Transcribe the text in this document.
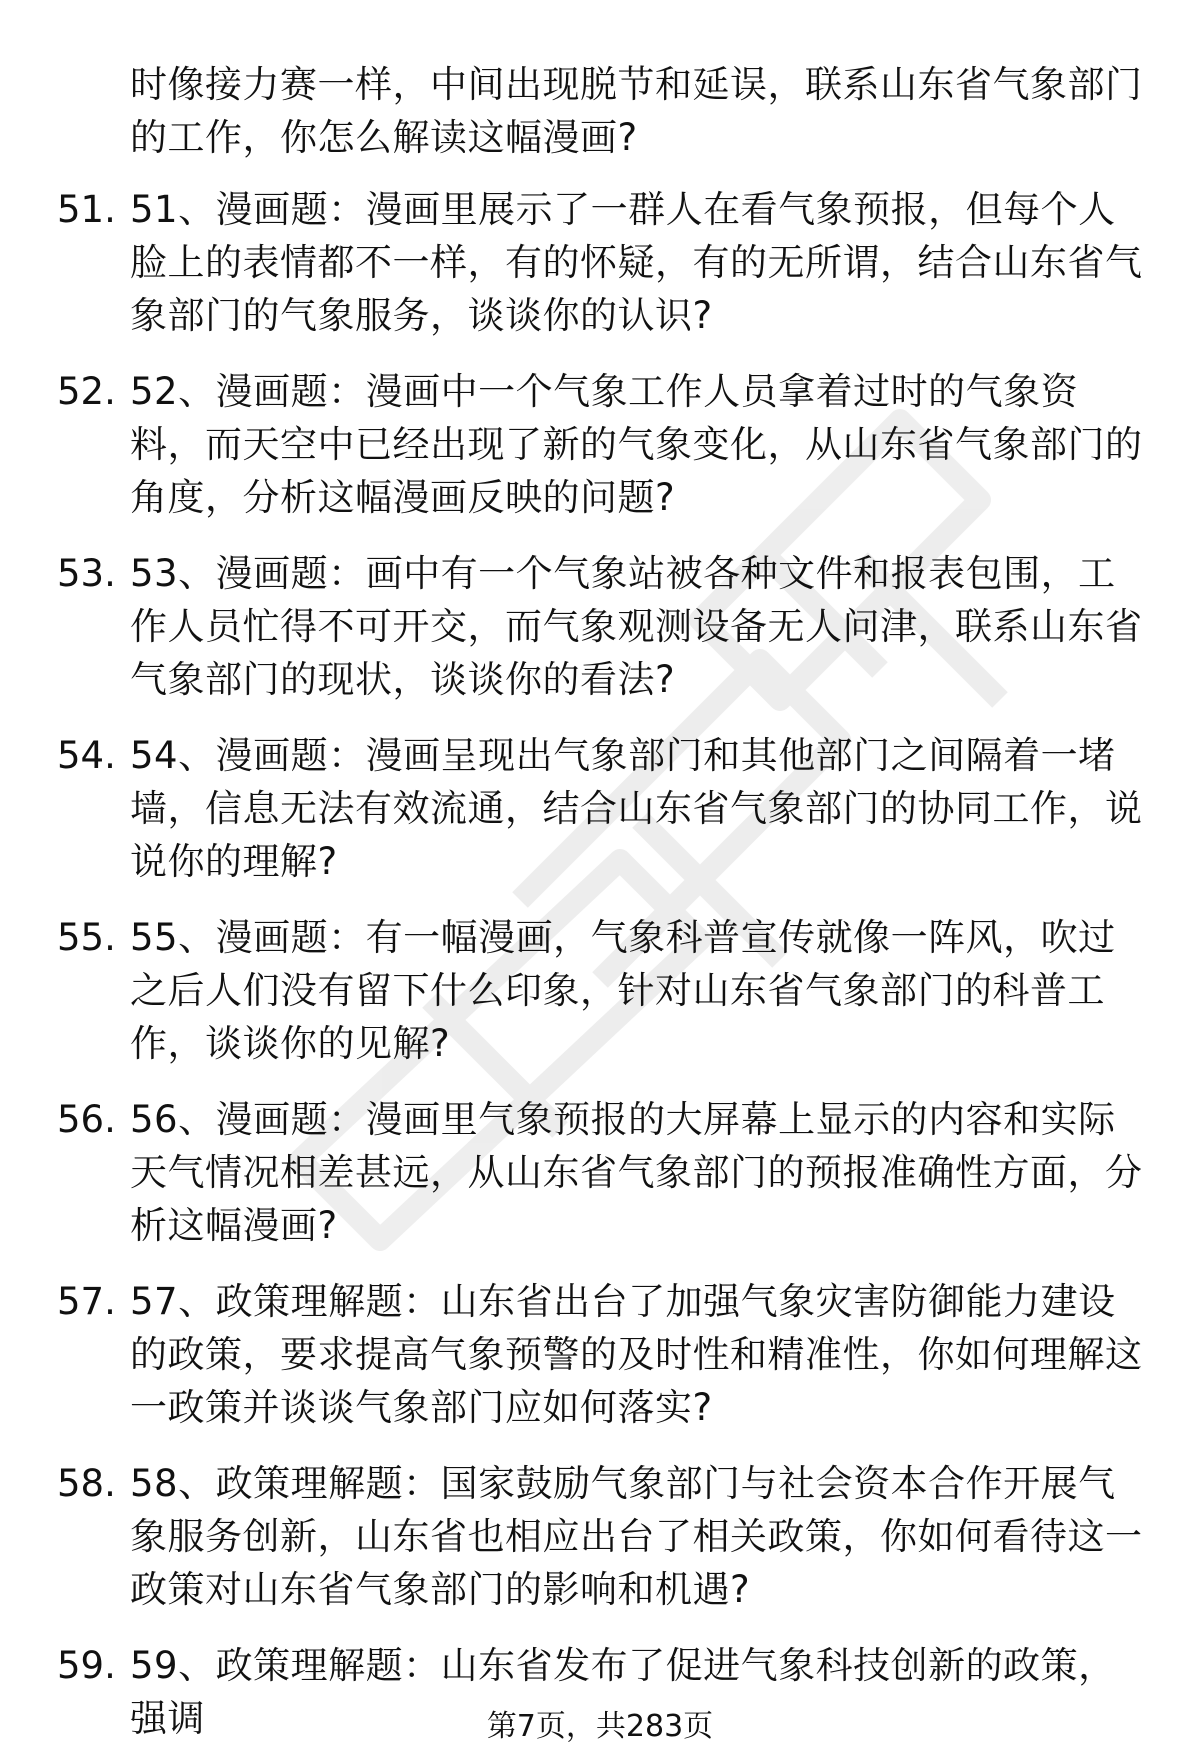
时像接力赛一样，中间出现脱节和延误，联系山东省气象部门的工作，你怎么解读这幅漫画?
51. 51、漫画题：漫画里展示了一群人在看气象预报，但每个人脸上的表情都不一样，有的怀疑，有的无所谓，结合山东省气象部门的气象服务，谈谈你的认识?
52. 52、漫画题：漫画中一个气象工作人员拿着过时的气象资料，而天空中已经出现了新的气象变化，从山东省气象部门的角度，分析这幅漫画反映的问题?
53. 53、漫画题：画中有一个气象站被各种文件和报表包围，工作人员忙得不可开交，而气象观测设备无人问津，联系山东省气象部门的现状，谈谈你的看法?
54. 54、漫画题：漫画呈现出气象部门和其他部门之间隔着一堵墙，信息无法有效流通，结合山东省气象部门的协同工作，说说你的理解?
55. 55、漫画题：有一幅漫画，气象科普宣传就像一阵风，吹过之后人们没有留下什么印象，针对山东省气象部门的科普工作，谈谈你的见解?
56. 56、漫画题：漫画里气象预报的大屏幕上显示的内容和实际天气情况相差甚远，从山东省气象部门的预报准确性方面，分析这幅漫画?
57. 57、政策理解题：山东省出台了加强气象灾害防御能力建设的政策，要求提高气象预警的及时性和精准性，你如何理解这一政策并谈谈气象部门应如何落实?
58. 58、政策理解题：国家鼓励气象部门与社会资本合作开展气象服务创新，山东省也相应出台了相关政策，你如何看待这一政策对山东省气象部门的影响和机遇?
59. 59、政策理解题：山东省发布了促进气象科技创新的政策，强调	第7页，共283页
